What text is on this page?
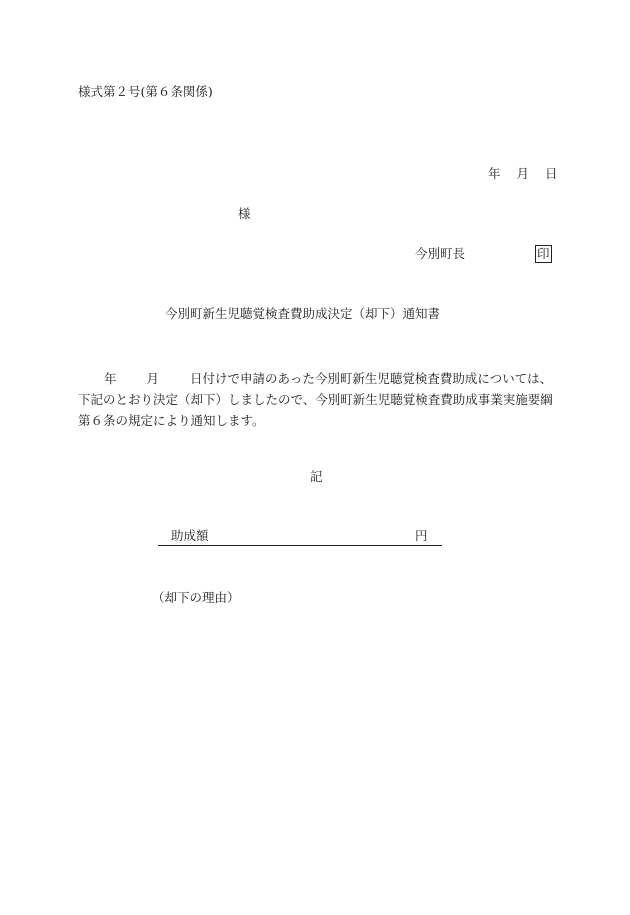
様式第２号(第６条関係)
年 月 日
様
今別町長	印
今別町新生児聴覚検査費助成決定（却下）通知書
年 月 日付けで申請のあった今別町新生児聴覚検査費助成については、下記のとおり決定（却下）しましたので、今別町新生児聴覚検査費助成事業実施要綱第６条の規定により通知します。
記
助成額	円

（却下の理由）
